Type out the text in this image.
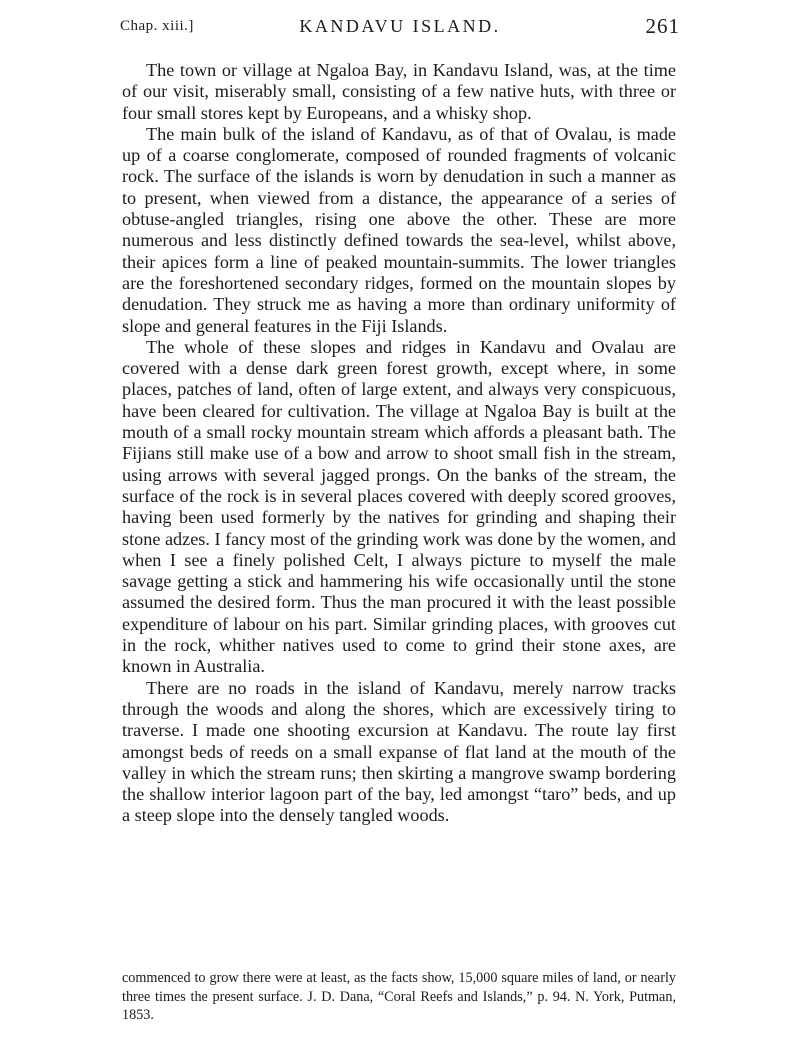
Chap. xiii.]	KANDAVU ISLAND.	261

The town or village at Ngaloa Bay, in Kandavu Island, was, at the time of our visit, miserably small, consisting of a few native huts, with three or four small stores kept by Europeans, and a whisky shop.

The main bulk of the island of Kandavu, as of that of Ovalau, is made up of a coarse conglomerate, composed of rounded fragments of volcanic rock. The surface of the islands is worn by denudation in such a manner as to present, when viewed from a distance, the appearance of a series of obtuse-angled triangles, rising one above the other. These are more numerous and less distinctly defined towards the sea-level, whilst above, their apices form a line of peaked mountain-summits. The lower triangles are the foreshortened secondary ridges, formed on the mountain slopes by denudation. They struck me as having a more than ordinary uniformity of slope and general features in the Fiji Islands.

The whole of these slopes and ridges in Kandavu and Ovalau are covered with a dense dark green forest growth, except where, in some places, patches of land, often of large extent, and always very conspicuous, have been cleared for cultivation. The village at Ngaloa Bay is built at the mouth of a small rocky mountain stream which affords a pleasant bath. The Fijians still make use of a bow and arrow to shoot small fish in the stream, using arrows with several jagged prongs. On the banks of the stream, the surface of the rock is in several places covered with deeply scored grooves, having been used formerly by the natives for grinding and shaping their stone adzes. I fancy most of the grinding work was done by the women, and when I see a finely polished Celt, I always picture to myself the male savage getting a stick and hammering his wife occasionally until the stone assumed the desired form. Thus the man procured it with the least possible expenditure of labour on his part. Similar grinding places, with grooves cut in the rock, whither natives used to come to grind their stone axes, are known in Australia.

There are no roads in the island of Kandavu, merely narrow tracks through the woods and along the shores, which are excessively tiring to traverse. I made one shooting excursion at Kandavu. The route lay first amongst beds of reeds on a small expanse of flat land at the mouth of the valley in which the stream runs; then skirting a mangrove swamp bordering the shallow interior lagoon part of the bay, led amongst “taro” beds, and up a steep slope into the densely tangled woods.

commenced to grow there were at least, as the facts show, 15,000 square miles of land, or nearly three times the present surface. J. D. Dana, “Coral Reefs and Islands,” p. 94. N. York, Putman, 1853.
